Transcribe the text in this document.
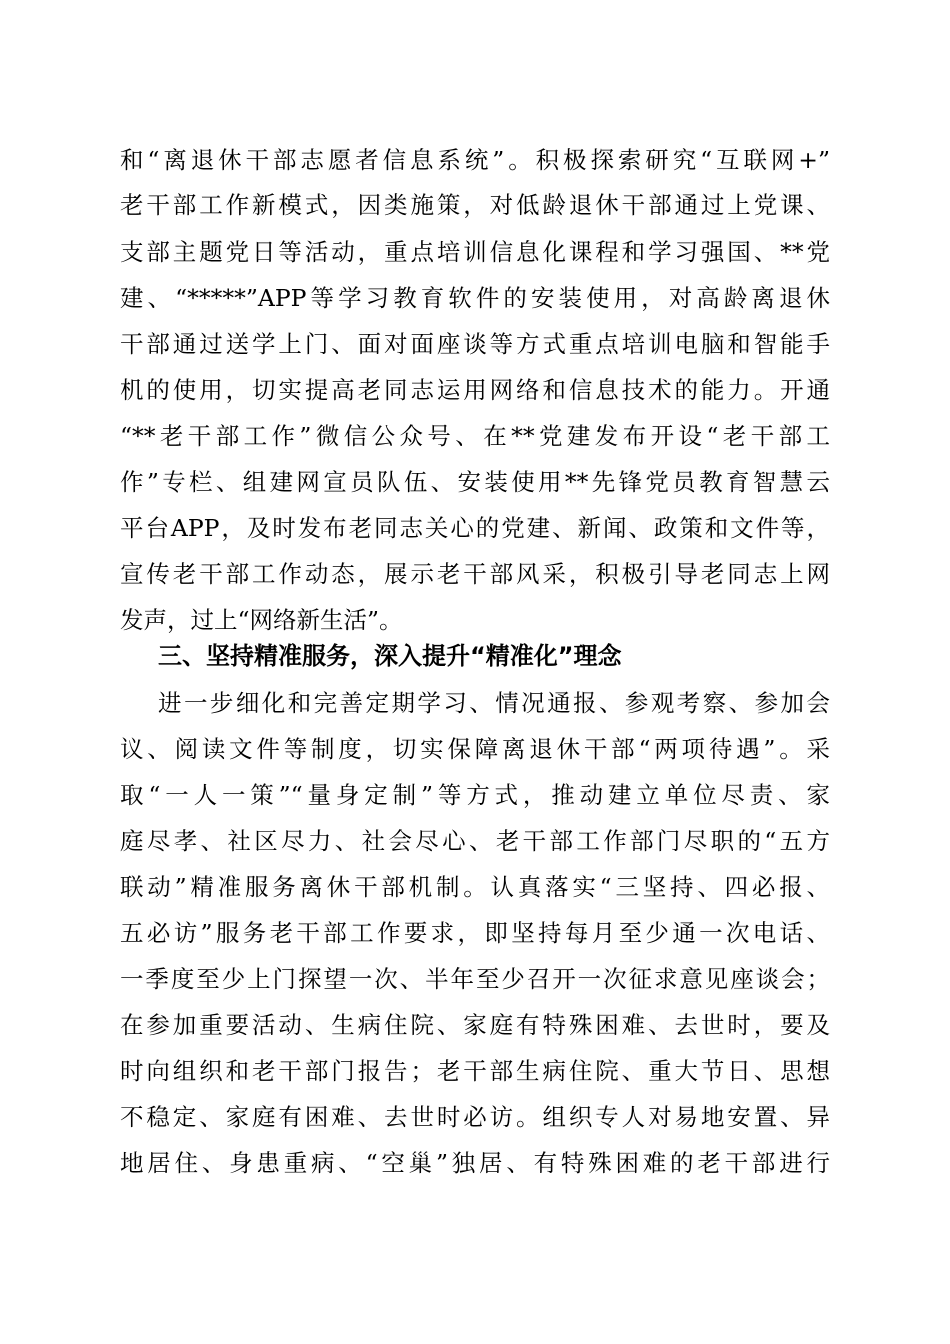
和“离退休干部志愿者信息系统”。积极探索研究“互联网+”
老干部工作新模式，因类施策，对低龄退休干部通过上党课、
支部主题党日等活动，重点培训信息化课程和学习强国、**党
建、“*****”APP等学习教育软件的安装使用，对高龄离退休
干部通过送学上门、面对面座谈等方式重点培训电脑和智能手
机的使用，切实提高老同志运用网络和信息技术的能力。开通
“**老干部工作”微信公众号、在**党建发布开设“老干部工
作”专栏、组建网宣员队伍、安装使用**先锋党员教育智慧云
平台APP，及时发布老同志关心的党建、新闻、政策和文件等，
宣传老干部工作动态，展示老干部风采，积极引导老同志上网
发声，过上“网络新生活”。
三、坚持精准服务，深入提升“精准化”理念
进一步细化和完善定期学习、情况通报、参观考察、参加会
议、阅读文件等制度，切实保障离退休干部“两项待遇”。采
取“一人一策”“量身定制”等方式，推动建立单位尽责、家
庭尽孝、社区尽力、社会尽心、老干部工作部门尽职的“五方
联动”精准服务离休干部机制。认真落实“三坚持、四必报、
五必访”服务老干部工作要求，即坚持每月至少通一次电话、
一季度至少上门探望一次、半年至少召开一次征求意见座谈会；
在参加重要活动、生病住院、家庭有特殊困难、去世时，要及
时向组织和老干部门报告；老干部生病住院、重大节日、思想
不稳定、家庭有困难、去世时必访。组织专人对易地安置、异
地居住、身患重病、“空巢”独居、有特殊困难的老干部进行
